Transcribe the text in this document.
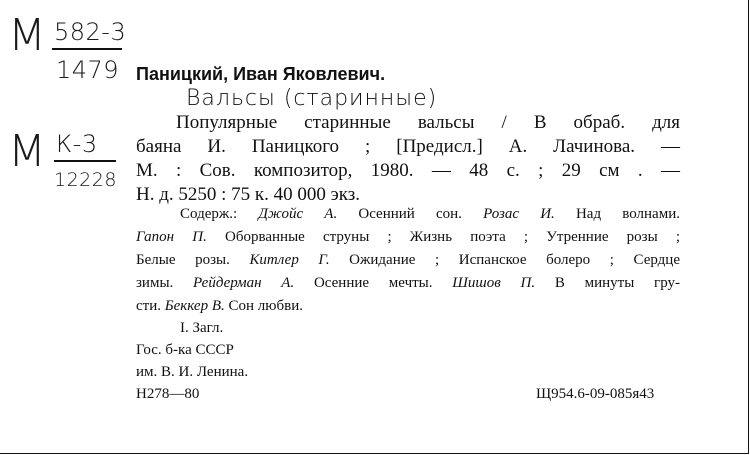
М 582-3
1479
М К-3
12228
Паницкий, Иван Яковлевич.
Вальсы (старинные)
Популярные старинные вальсы / В обраб. для
баяна И. Паницкого ; [Предисл.] А. Лачинова. —
М. : Сов. композитор, 1980. — 48 с. ; 29 см . —
Н. д. 5250 : 75 к. 40 000 экз.
Содерж.: Джойс А. Осенний сон. Розас И. Над волнами.
Гапон П. Оборванные струны ; Жизнь поэта ; Утренние розы ;
Белые розы. Китлер Г. Ожидание ; Испанское болеро ; Сердце
зимы. Рейдерман А. Осенние мечты. Шишов П. В минуты гру-
сти. Беккер В. Сон любви.
I. Загл.
Гос. б-ка СССР
им. В. И. Ленина.
Н278—80	Щ954.6-09-085я43
